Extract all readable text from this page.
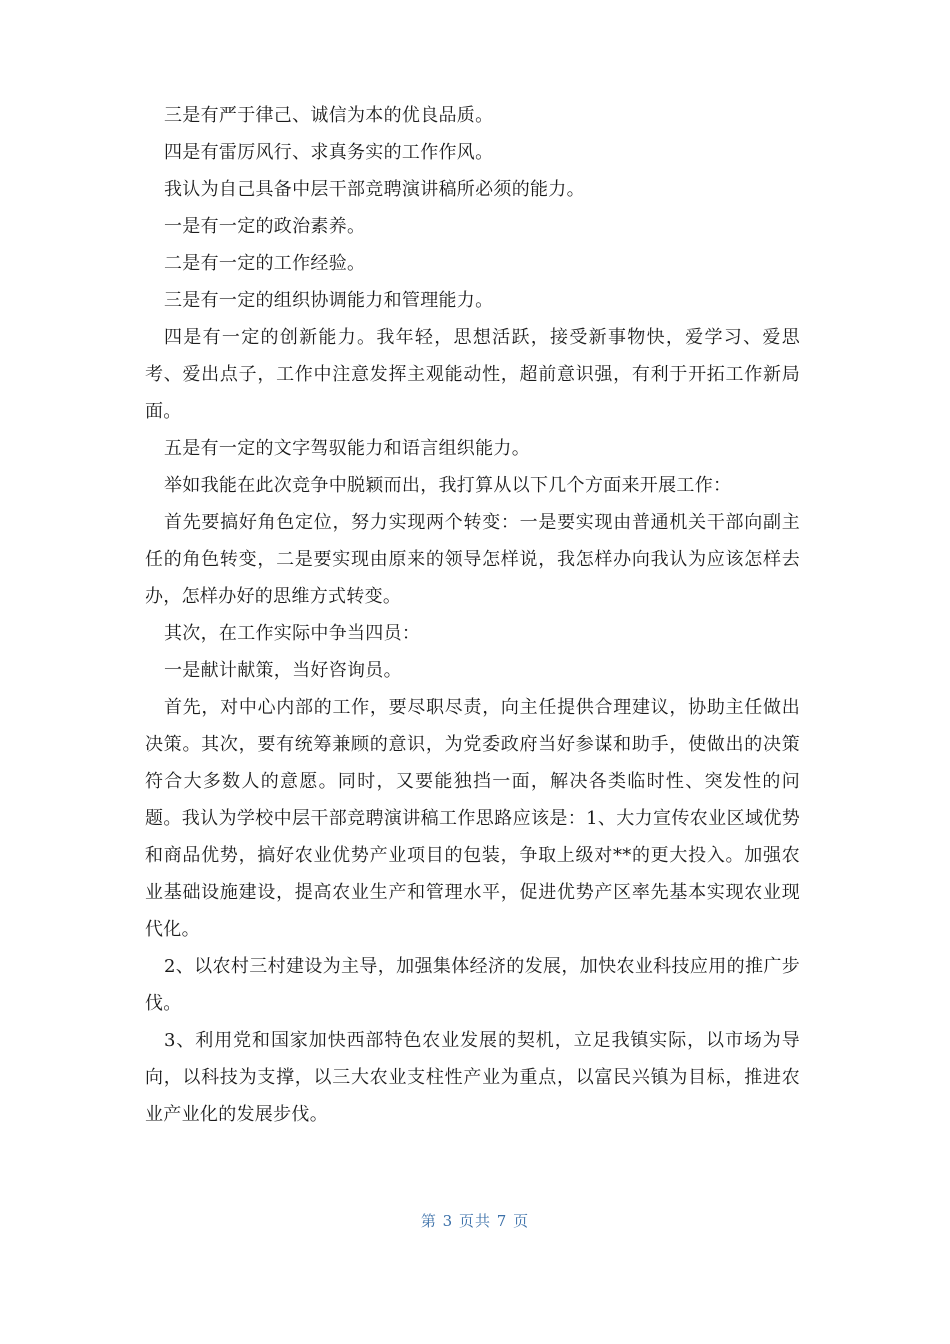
三是有严于律己、诚信为本的优良品质。

四是有雷厉风行、求真务实的工作作风。

我认为自己具备中层干部竞聘演讲稿所必须的能力。

一是有一定的政治素养。

二是有一定的工作经验。

三是有一定的组织协调能力和管理能力。

四是有一定的创新能力。我年轻，思想活跃，接受新事物快，爱学习、爱思考、爱出点子，工作中注意发挥主观能动性，超前意识强，有利于开拓工作新局面。

五是有一定的文字驾驭能力和语言组织能力。

举如我能在此次竞争中脱颖而出，我打算从以下几个方面来开展工作：

首先要搞好角色定位，努力实现两个转变：一是要实现由普通机关干部向副主任的角色转变，二是要实现由原来的领导怎样说，我怎样办向我认为应该怎样去办，怎样办好的思维方式转变。

其次，在工作实际中争当四员：

一是献计献策，当好咨询员。

首先，对中心内部的工作，要尽职尽责，向主任提供合理建议，协助主任做出决策。其次，要有统筹兼顾的意识，为党委政府当好参谋和助手，使做出的决策符合大多数人的意愿。同时，又要能独挡一面，解决各类临时性、突发性的问题。我认为学校中层干部竞聘演讲稿工作思路应该是：1、大力宣传农业区域优势和商品优势，搞好农业优势产业项目的包装，争取上级对**的更大投入。加强农业基础设施建设，提高农业生产和管理水平，促进优势产区率先基本实现农业现代化。

2、以农村三村建设为主导，加强集体经济的发展，加快农业科技应用的推广步伐。

3、利用党和国家加快西部特色农业发展的契机，立足我镇实际，以市场为导向，以科技为支撑，以三大农业支柱性产业为重点，以富民兴镇为目标，推进农业产业化的发展步伐。

第 3 页共 7 页
